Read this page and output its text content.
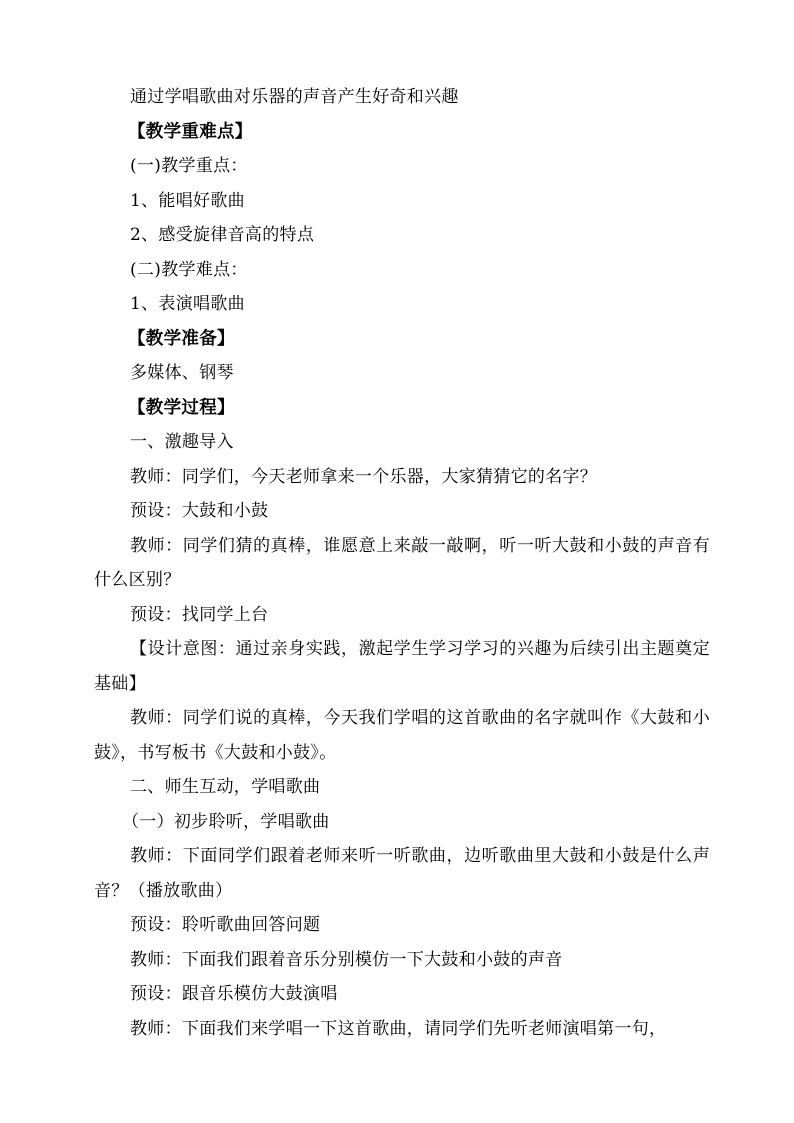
通过学唱歌曲对乐器的声音产生好奇和兴趣
【教学重难点】
(一)教学重点：
1、能唱好歌曲
2、感受旋律音高的特点
(二)教学难点：
1、表演唱歌曲
【教学准备】
多媒体、钢琴
【教学过程】
一、激趣导入
教师：同学们，今天老师拿来一个乐器，大家猜猜它的名字？
预设：大鼓和小鼓
教师：同学们猜的真棒，谁愿意上来敲一敲啊，听一听大鼓和小鼓的声音有什么区别？
预设：找同学上台
【设计意图：通过亲身实践，激起学生学习学习的兴趣为后续引出主题奠定基础】
教师：同学们说的真棒，今天我们学唱的这首歌曲的名字就叫作《大鼓和小鼓》，书写板书《大鼓和小鼓》。
二、师生互动，学唱歌曲
（一）初步聆听，学唱歌曲
教师：下面同学们跟着老师来听一听歌曲，边听歌曲里大鼓和小鼓是什么声音？（播放歌曲）
预设：聆听歌曲回答问题
教师：下面我们跟着音乐分别模仿一下大鼓和小鼓的声音
预设：跟音乐模仿大鼓演唱
教师：下面我们来学唱一下这首歌曲，请同学们先听老师演唱第一句，
